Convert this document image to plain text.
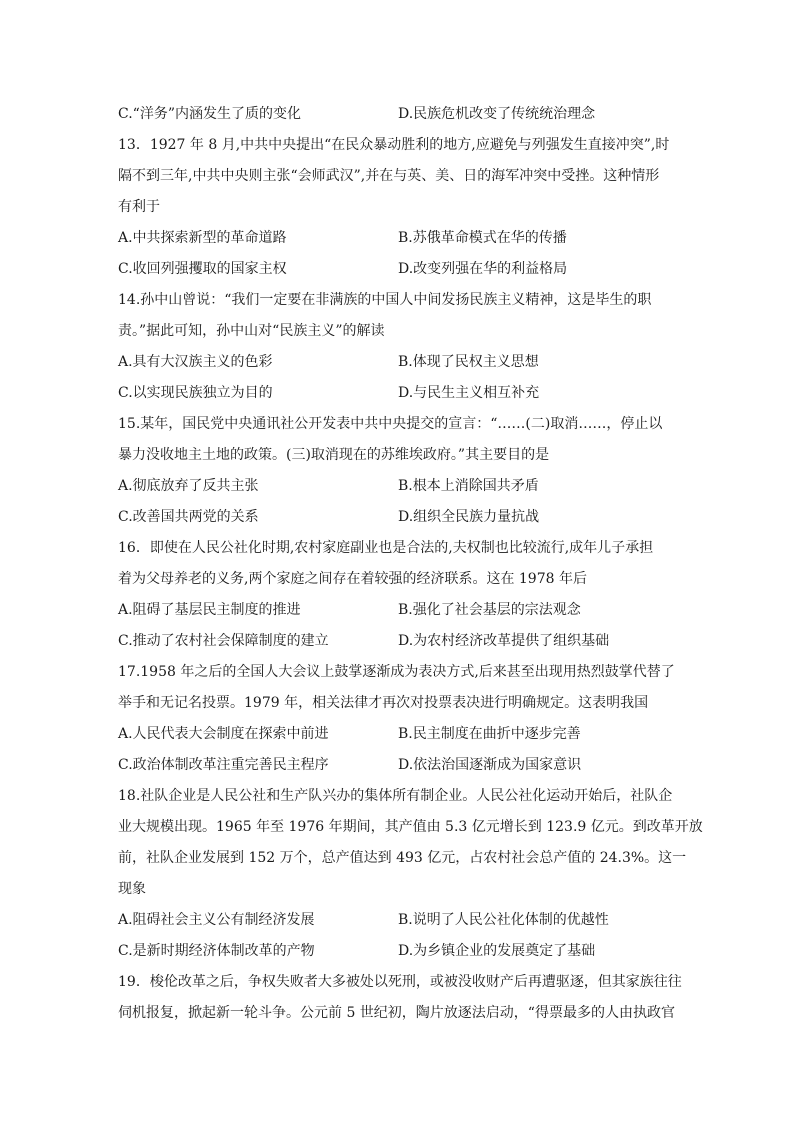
C.“洋务”内涵发生了质的变化	D.民族危机改变了传统统治理念
13．1927 年 8 月,中共中央提出“在民众暴动胜利的地方,应避免与列强发生直接冲突”,时
隔不到三年,中共中央则主张“会师武汉”,并在与英、美、日的海军冲突中受挫。这种情形
有利于
A.中共探索新型的革命道路	B.苏俄革命模式在华的传播
C.收回列强攫取的国家主权	D.改变列强在华的利益格局
14.孙中山曾说：“我们一定要在非满族的中国人中间发扬民族主义精神，这是毕生的职
责。”据此可知，孙中山对“民族主义”的解读
A.具有大汉族主义的色彩	B.体现了民权主义思想
C.以实现民族独立为目的	D.与民生主义相互补充
15.某年，国民党中央通讯社公开发表中共中央提交的宣言：“……(二)取消……，停止以
暴力没收地主土地的政策。(三)取消现在的苏维埃政府。”其主要目的是
A.彻底放弃了反共主张	B.根本上消除国共矛盾
C.改善国共两党的关系	D.组织全民族力量抗战
16．即使在人民公社化时期,农村家庭副业也是合法的,夫权制也比较流行,成年儿子承担
着为父母养老的义务,两个家庭之间存在着较强的经济联系。这在 1978 年后
A.阻碍了基层民主制度的推进	B.强化了社会基层的宗法观念
C.推动了农村社会保障制度的建立	D.为农村经济改革提供了组织基础
17.1958 年之后的全国人大会议上鼓掌逐渐成为表决方式,后来甚至出现用热烈鼓掌代替了
举手和无记名投票。1979 年，相关法律才再次对投票表决进行明确规定。这表明我国
A.人民代表大会制度在探索中前进	B.民主制度在曲折中逐步完善
C.政治体制改革注重完善民主程序	D.依法治国逐渐成为国家意识
18.社队企业是人民公社和生产队兴办的集体所有制企业。人民公社化运动开始后，社队企
业大规模出现。1965 年至 1976 年期间，其产值由 5.3 亿元增长到 123.9 亿元。到改革开放
前，社队企业发展到 152 万个，总产值达到 493 亿元，占农村社会总产值的 24.3%。这一
现象
A.阻碍社会主义公有制经济发展	B.说明了人民公社化体制的优越性
C.是新时期经济体制改革的产物	D.为乡镇企业的发展奠定了基础
19．梭伦改革之后，争权失败者大多被处以死刑，或被没收财产后再遭驱逐，但其家族往往
伺机报复，掀起新一轮斗争。公元前 5 世纪初，陶片放逐法启动，“得票最多的人由执政官
